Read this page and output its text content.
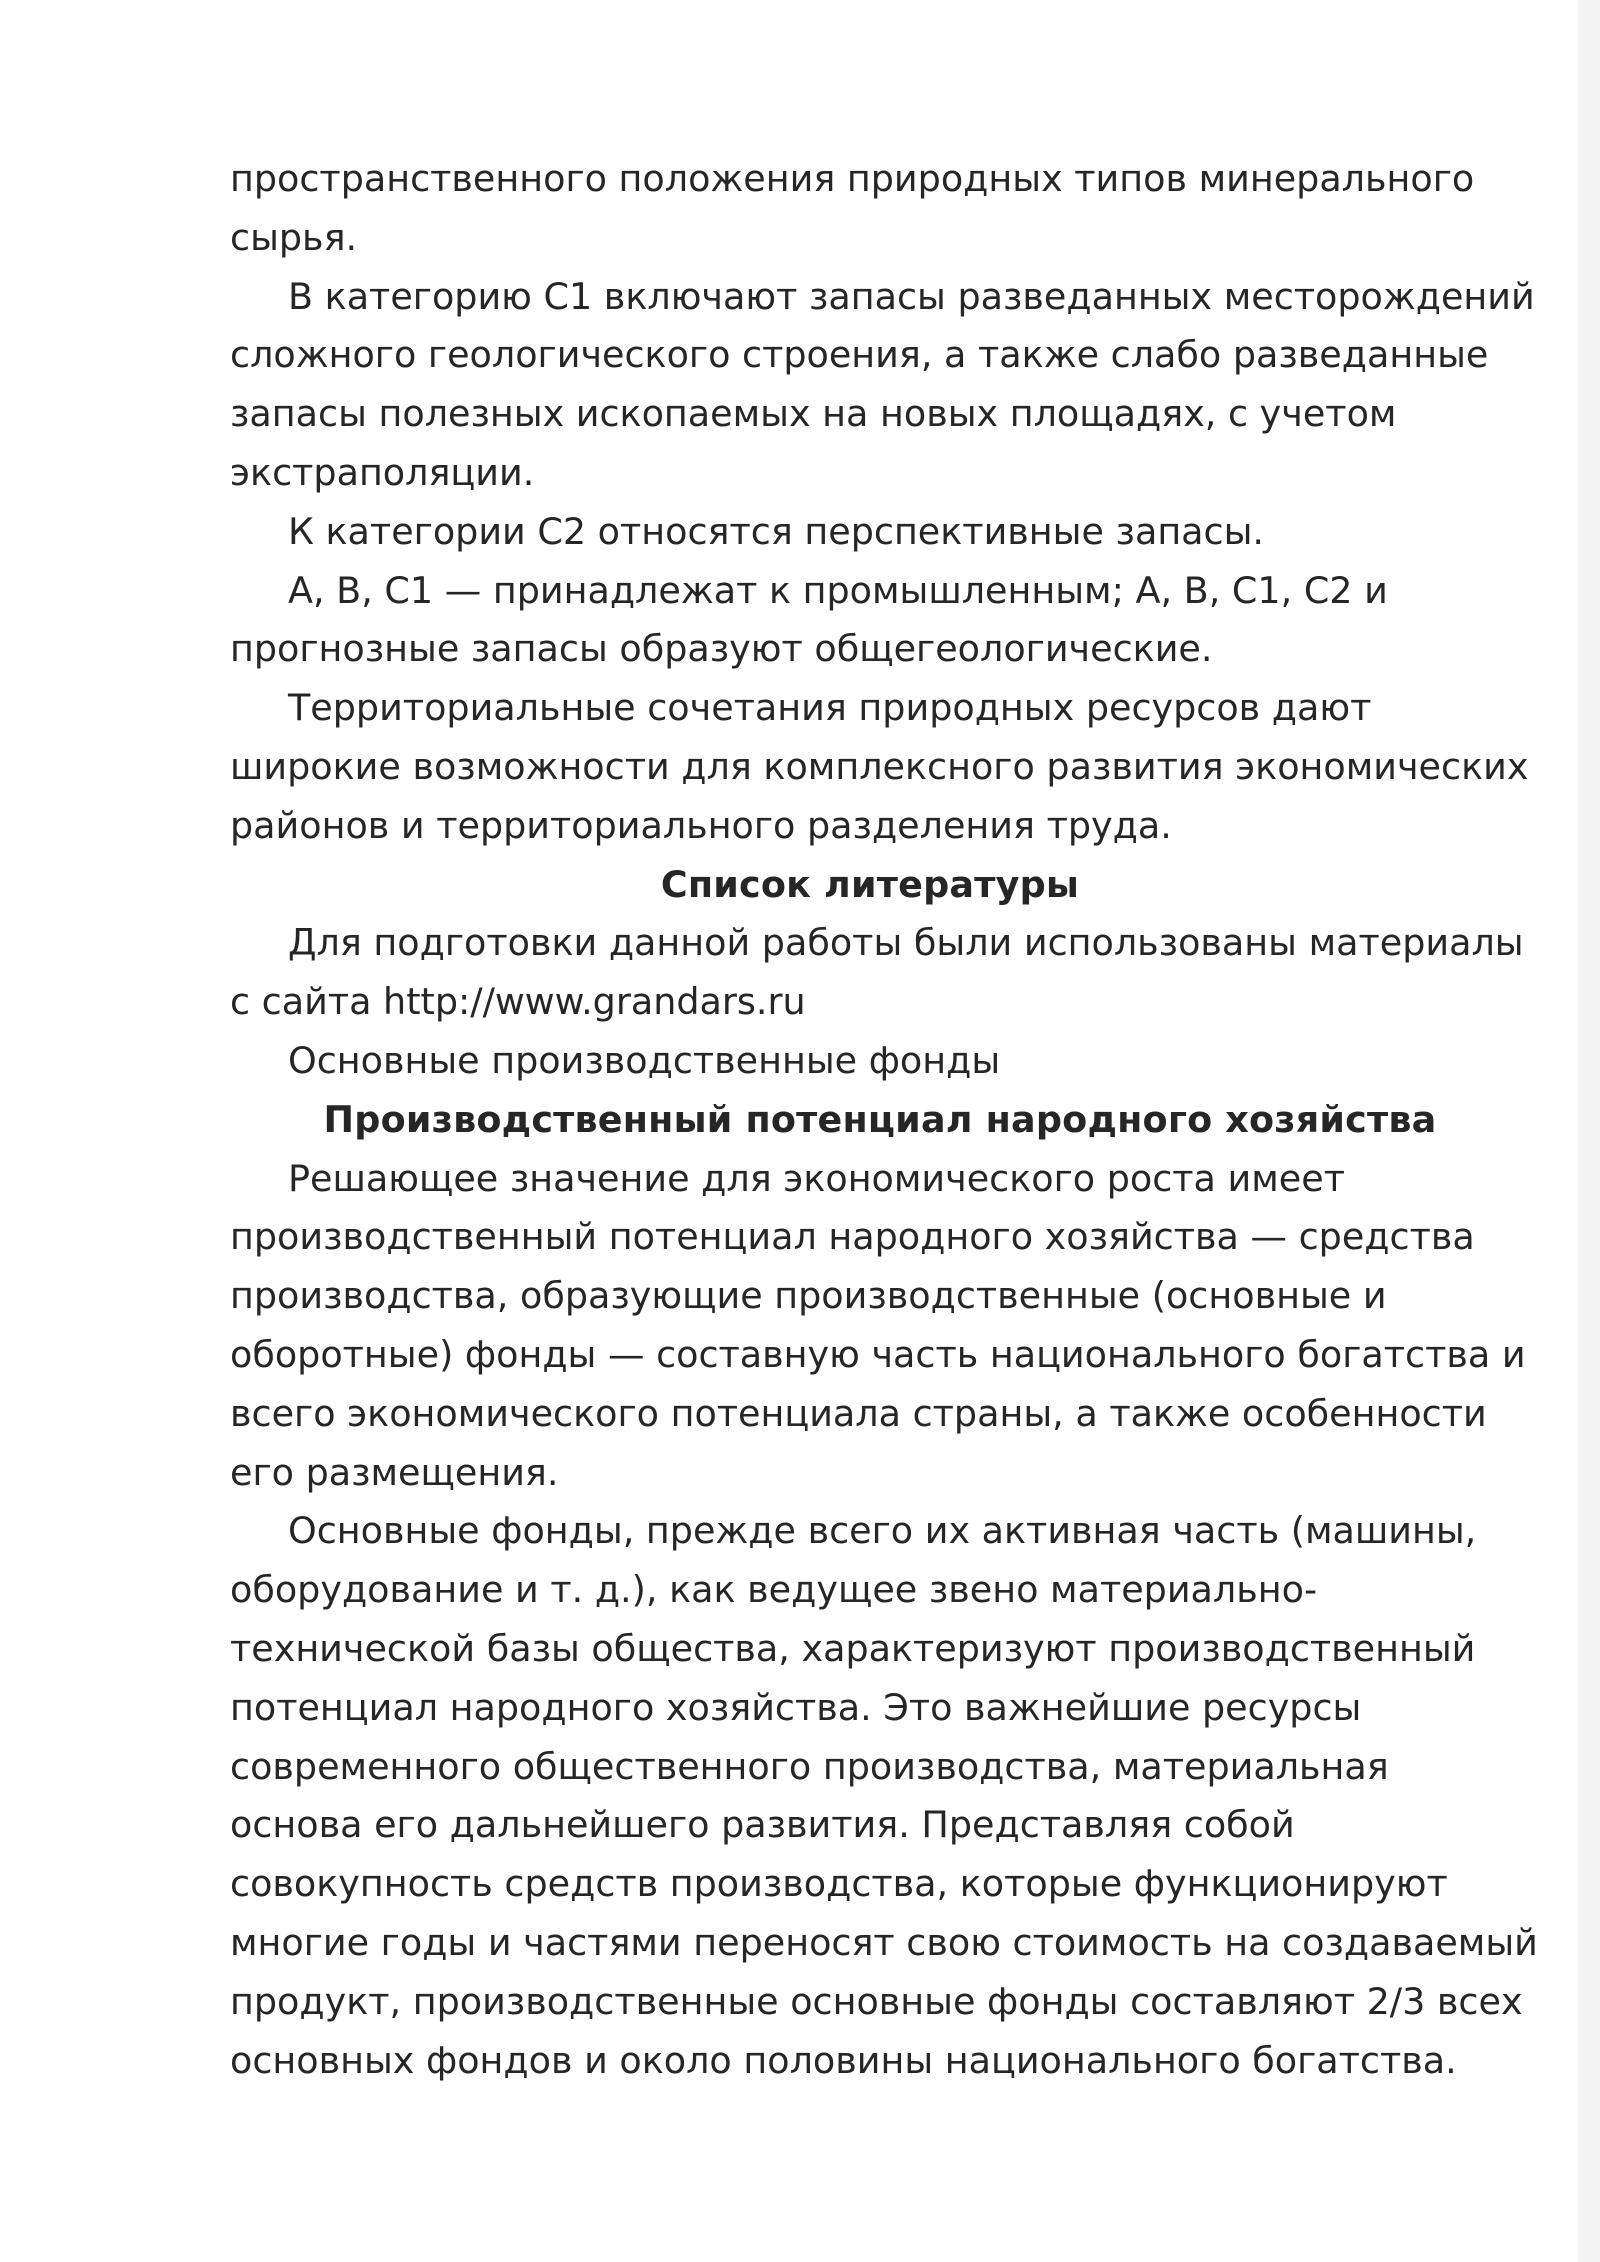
пространственного положения природных типов минерального
сырья.

В категорию С1 включают запасы разведанных месторождений
сложного геологического строения, а также слабо разведанные
запасы полезных ископаемых на новых площадях, с учетом
экстраполяции.

К категории С2 относятся перспективные запасы.

А, В, С1 — принадлежат к промышленным; А, В, С1, С2 и
прогнозные запасы образуют общегеологические.

Территориальные сочетания природных ресурсов дают
широкие возможности для комплексного развития экономических
районов и территориального разделения труда.

Список литературы

Для подготовки данной работы были использованы материалы
с сайта http://www.grandars.ru

Основные производственные фонды

Производственный потенциал народного хозяйства

Решающее значение для экономического роста имеет
производственный потенциал народного хозяйства — средства
производства, образующие производственные (основные и
оборотные) фонды — составную часть национального богатства и
всего экономического потенциала страны, а также особенности
его размещения.

Основные фонды, прежде всего их активная часть (машины,
оборудование и т. д.), как ведущее звено материально-
технической базы общества, характеризуют производственный
потенциал народного хозяйства. Это важнейшие ресурсы
современного общественного производства, материальная
основа его дальнейшего развития. Представляя собой
совокупность средств производства, которые функционируют
многие годы и частями переносят свою стоимость на создаваемый
продукт, производственные основные фонды составляют 2/3 всех
основных фондов и около половины национального богатства.
